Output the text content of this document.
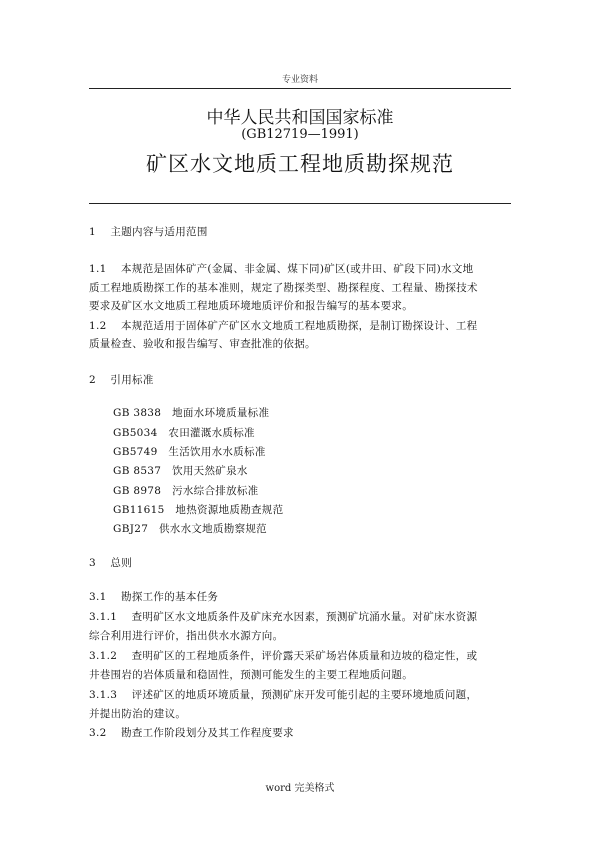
专业资料
中华人民共和国国家标准
(GB12719—1991)
矿区水文地质工程地质勘探规范
1　 主题内容与适用范围
1.1　 本规范是固体矿产(金属、非金属、煤下同)矿区(或井田、矿段下同)水文地
质工程地质勘探工作的基本准则，规定了勘探类型、勘探程度、工程量、勘探技术
要求及矿区水文地质工程地质环境地质评价和报告编写的基本要求。
1.2　 本规范适用于固体矿产矿区水文地质工程地质勘探，是制订勘探设计、工程
质量检查、验收和报告编写、审查批准的依据。
2　 引用标准
GB 3838　地面水环境质量标准
GB5034　农田灌溉水质标准
GB5749　生活饮用水水质标准
GB 8537　饮用天然矿泉水
GB 8978　污水综合排放标准
GB11615　地热资源地质勘查规范
GBJ27　供水水文地质勘察规范
3　 总则
3.1　 勘探工作的基本任务
3.1.1　 查明矿区水文地质条件及矿床充水因素，预测矿坑涌水量。对矿床水资源
综合利用进行评价，指出供水水源方向。
3.1.2　 查明矿区的工程地质条件，评价露天采矿场岩体质量和边坡的稳定性，或
井巷围岩的岩体质量和稳固性，预测可能发生的主要工程地质问题。
3.1.3　 评述矿区的地质环境质量，预测矿床开发可能引起的主要环境地质问题，
并提出防治的建议。
3.2　 勘查工作阶段划分及其工作程度要求
word 完美格式
